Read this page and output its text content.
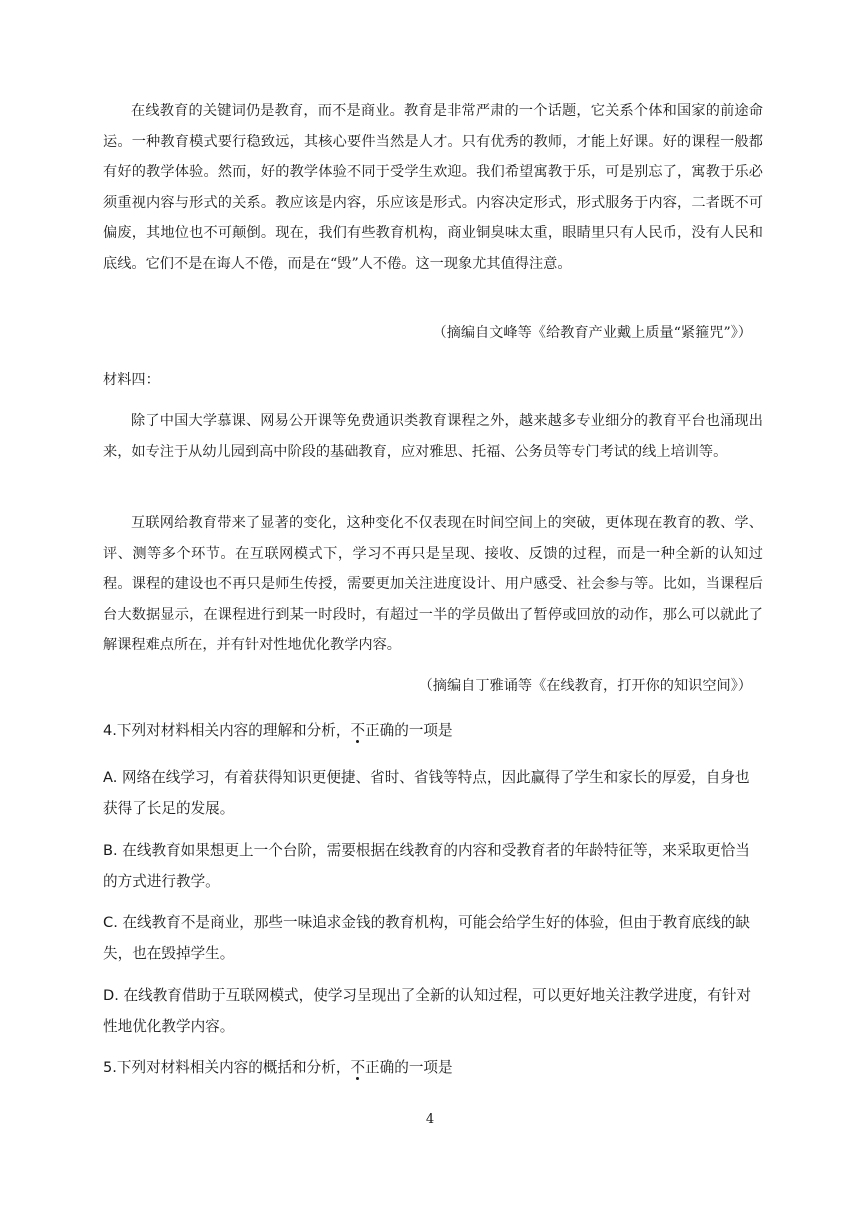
在线教育的关键词仍是教育，而不是商业。教育是非常严肃的一个话题，它关系个体和国家的前途命运。一种教育模式要行稳致远，其核心要件当然是人才。只有优秀的教师，才能上好课。好的课程一般都有好的教学体验。然而，好的教学体验不同于受学生欢迎。我们希望寓教于乐，可是别忘了，寓教于乐必须重视内容与形式的关系。教应该是内容，乐应该是形式。内容决定形式，形式服务于内容，二者既不可偏废，其地位也不可颠倒。现在，我们有些教育机构，商业铜臭味太重，眼睛里只有人民币，没有人民和底线。它们不是在诲人不倦，而是在“毁”人不倦。这一现象尤其值得注意。

（摘编自文峰等《给教育产业戴上质量“紧箍咒”》）

材料四：

除了中国大学慕课、网易公开课等免费通识类教育课程之外，越来越多专业细分的教育平台也涌现出来，如专注于从幼儿园到高中阶段的基础教育，应对雅思、托福、公务员等专门考试的线上培训等。

互联网给教育带来了显著的变化，这种变化不仅表现在时间空间上的突破，更体现在教育的教、学、评、测等多个环节。在互联网模式下，学习不再只是呈现、接收、反馈的过程，而是一种全新的认知过程。课程的建设也不再只是师生传授，需要更加关注进度设计、用户感受、社会参与等。比如，当课程后台大数据显示，在课程进行到某一时段时，有超过一半的学员做出了暂停或回放的动作，那么可以就此了解课程难点所在，并有针对性地优化教学内容。

（摘编自丁雅诵等《在线教育，打开你的知识空间》）

4.下列对材料相关内容的理解和分析，不正确的一项是

A. 网络在线学习，有着获得知识更便捷、省时、省钱等特点，因此赢得了学生和家长的厚爱，自身也获得了长足的发展。

B. 在线教育如果想更上一个台阶，需要根据在线教育的内容和受教育者的年龄特征等，来采取更恰当的方式进行教学。

C. 在线教育不是商业，那些一味追求金钱的教育机构，可能会给学生好的体验，但由于教育底线的缺失，也在毁掉学生。

D. 在线教育借助于互联网模式，使学习呈现出了全新的认知过程，可以更好地关注教学进度，有针对性地优化教学内容。

5.下列对材料相关内容的概括和分析，不正确的一项是

4
